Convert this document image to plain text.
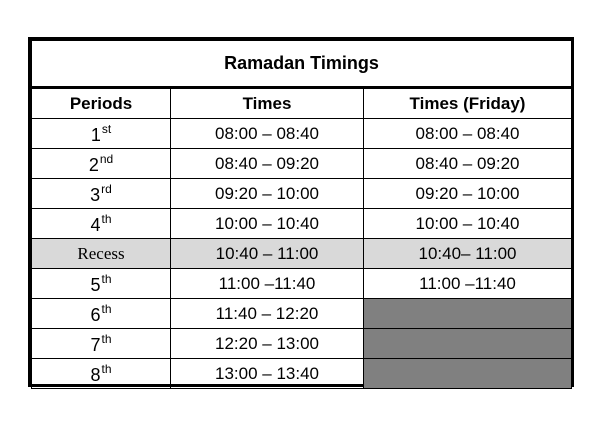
Ramadan Timings		
Periods	Times	Times (Friday)
1st	08:00 – 08:40	08:00 – 08:40
2nd	08:40 – 09:20	08:40 – 09:20
3rd	09:20 – 10:00	09:20 – 10:00
4th	10:00 – 10:40	10:00 – 10:40
Recess	10:40 – 11:00	10:40– 11:00
5th	11:00 –11:40	11:00 –11:40
6th	11:40 – 12:20	
7th	12:20 – 13:00	
8th	13:00 – 13:40	
